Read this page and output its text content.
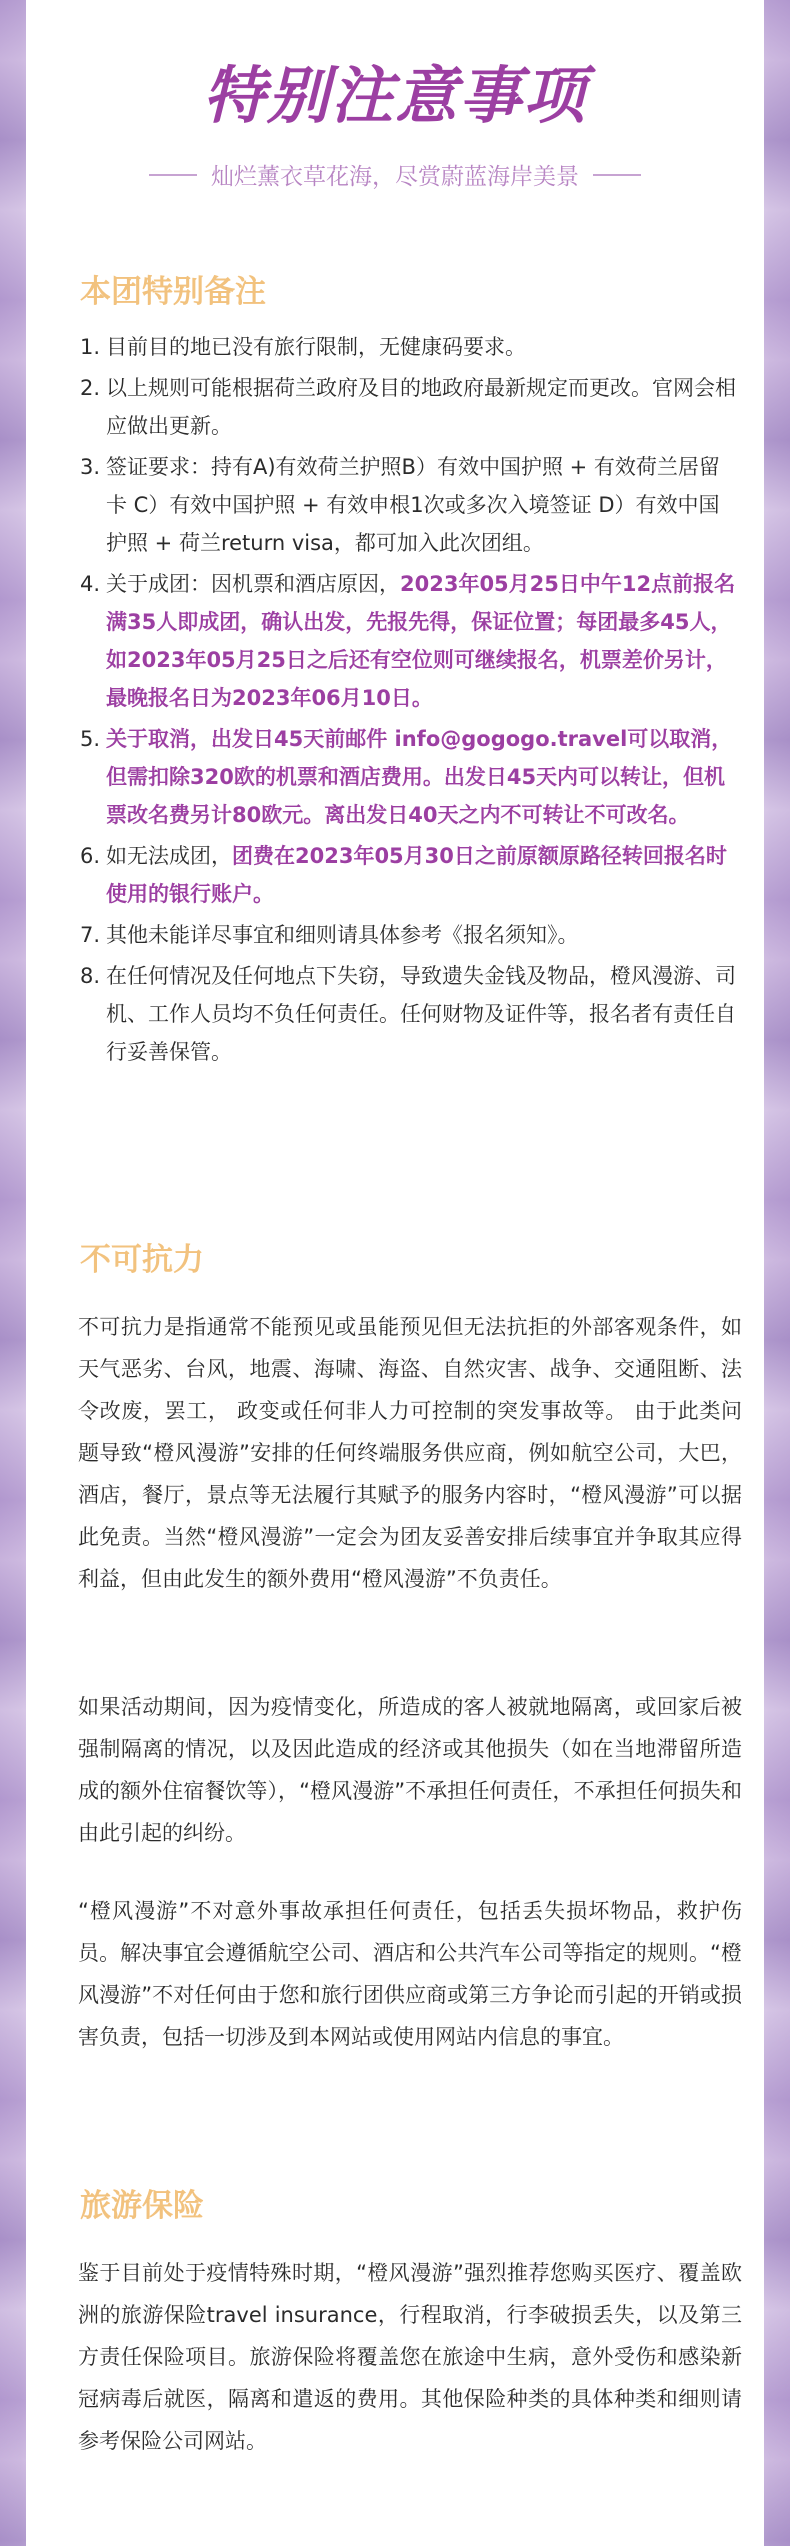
特别注意事项
灿烂薰衣草花海，尽赏蔚蓝海岸美景
本团特别备注
1. 目前目的地已没有旅行限制，无健康码要求。
2. 以上规则可能根据荷兰政府及目的地政府最新规定而更改。官网会相应做出更新。
3. 签证要求：持有A)有效荷兰护照B）有效中国护照 + 有效荷兰居留卡 C）有效中国护照 + 有效申根1次或多次入境签证 D）有效中国护照 + 荷兰return visa，都可加入此次团组。
4. 关于成团：因机票和酒店原因，2023年05月25日中午12点前报名满35人即成团，确认出发，先报先得，保证位置；每团最多45人，如2023年05月25日之后还有空位则可继续报名，机票差价另计，最晚报名日为2023年06月10日。
5. 关于取消，出发日45天前邮件 info@gogogo.travel可以取消，但需扣除320欧的机票和酒店费用。出发日45天内可以转让，但机票改名费另计80欧元。离出发日40天之内不可转让不可改名。
6. 如无法成团，团费在2023年05月30日之前原额原路径转回报名时使用的银行账户。
7. 其他未能详尽事宜和细则请具体参考《报名须知》。
8. 在任何情况及任何地点下失窃，导致遗失金钱及物品，橙风漫游、司机、工作人员均不负任何责任。任何财物及证件等，报名者有责任自行妥善保管。
不可抗力

不可抗力是指通常不能预见或虽能预见但无法抗拒的外部客观条件，如天气恶劣、台风，地震、海啸、海盗、自然灾害、战争、交通阻断、法令改废，罢工， 政变或任何非人力可控制的突发事故等。 由于此类问题导致“橙风漫游”安排的任何终端服务供应商，例如航空公司，大巴，酒店，餐厅，景点等无法履行其赋予的服务内容时，“橙风漫游”可以据此免责。当然“橙风漫游”一定会为团友妥善安排后续事宜并争取其应得利益，但由此发生的额外费用“橙风漫游”不负责任。

如果活动期间，因为疫情变化，所造成的客人被就地隔离，或回家后被强制隔离的情况，以及因此造成的经济或其他损失（如在当地滞留所造成的额外住宿餐饮等），“橙风漫游”不承担任何责任，不承担任何损失和由此引起的纠纷。

“橙风漫游”不对意外事故承担任何责任，包括丢失损坏物品，救护伤员。解决事宜会遵循航空公司、酒店和公共汽车公司等指定的规则。“橙风漫游”不对任何由于您和旅行团供应商或第三方争论而引起的开销或损害负责，包括一切涉及到本网站或使用网站内信息的事宜。

旅游保险

鉴于目前处于疫情特殊时期，“橙风漫游”强烈推荐您购买医疗、覆盖欧洲的旅游保险travel insurance，行程取消，行李破损丢失，以及第三方责任保险项目。旅游保险将覆盖您在旅途中生病，意外受伤和感染新冠病毒后就医，隔离和遣返的费用。其他保险种类的具体种类和细则请参考保险公司网站。
